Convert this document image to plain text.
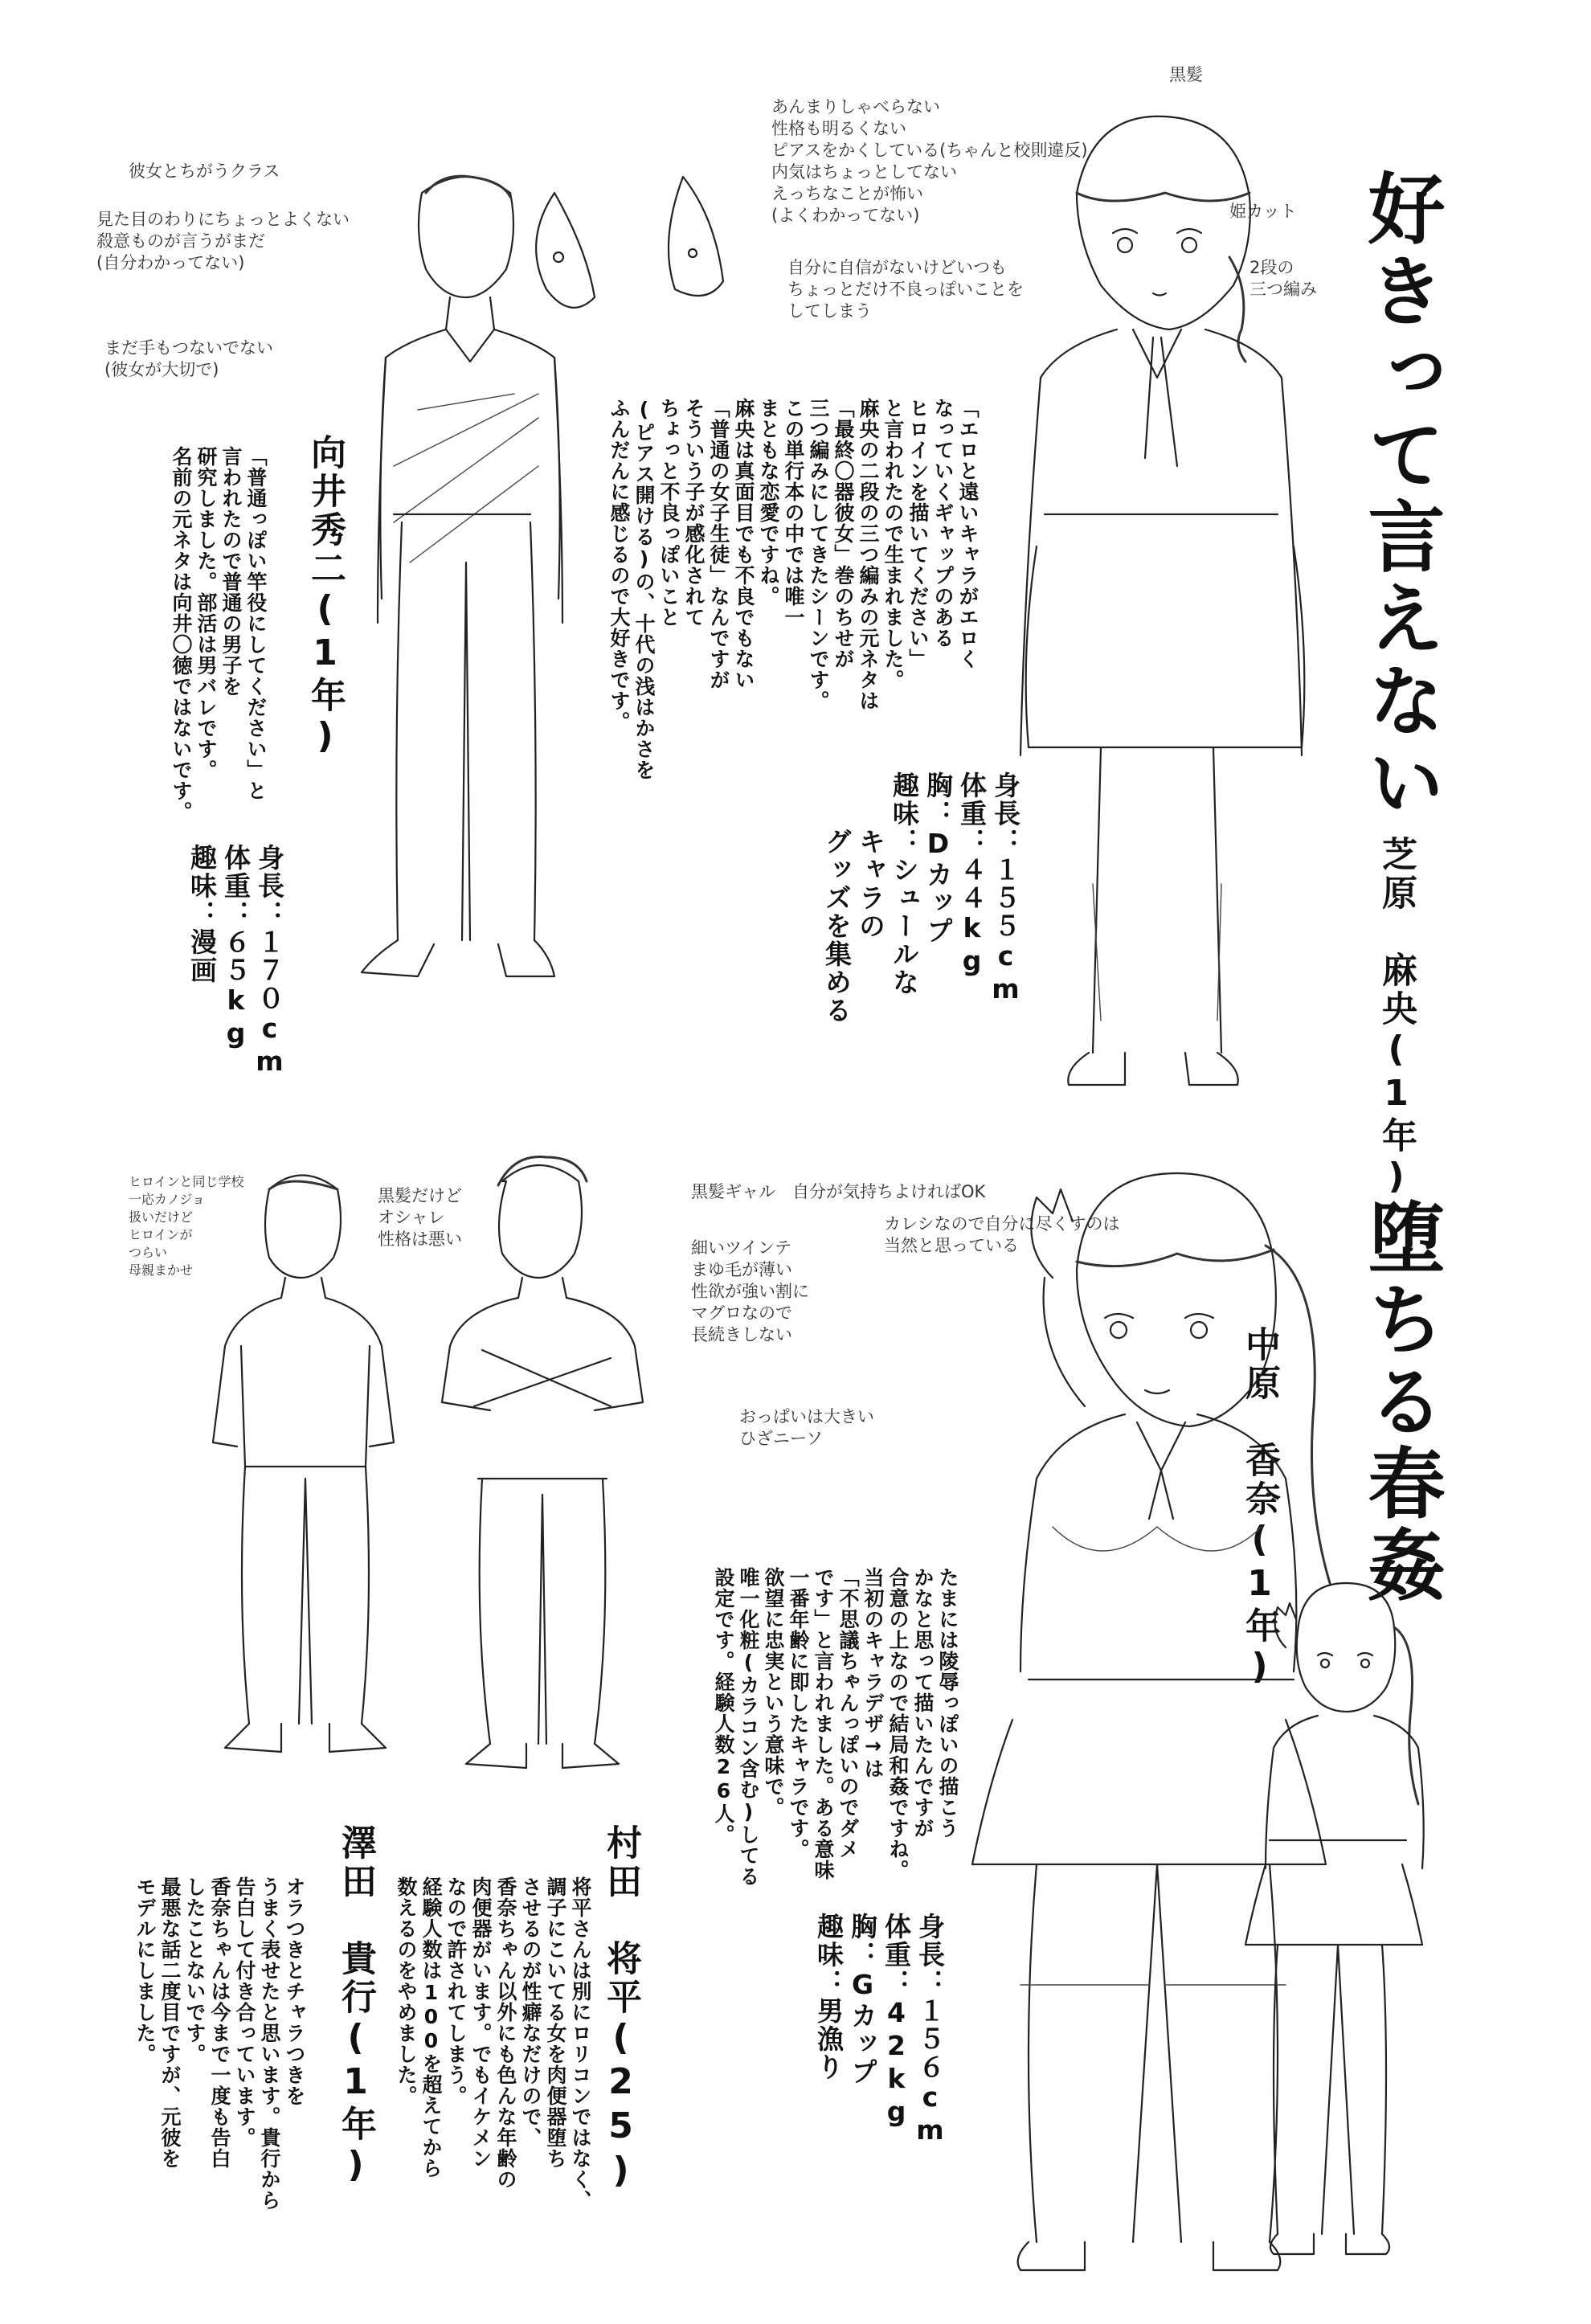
好きって言えない
芝原　麻央(1年)
身長：１５５cm
体重：４４kg
胸：Dカップ
趣味：シュールな
　　キャラの
　　グッズを集める
「エロと遠いキャラがエロく
なっていくギャップのある
ヒロインを描いてください」
と言われたので生まれました。
麻央の二段の三つ編みの元ネタは
「最終〇器彼女」巻のちせが
三つ編みにしてきたシーンです。
この単行本の中では唯一
まともな恋愛ですね。
麻央は真面目でも不良でもない
「普通の女子生徒」なんですが
そういう子が感化されて
ちょっと不良っぽいこと
(ピアス開ける)の、十代の浅はかさを
ふんだんに感じるので大好きです。
向井秀二(1年)
「普通っぽい竿役にしてください」と
言われたので普通の男子を
研究しました。部活は男バレです。
名前の元ネタは向井〇徳ではないです。
身長：１７０cm
体重：６５kg
趣味：漫画
あんまりしゃべらない
性格も明るくない
ピアスをかくしている(ちゃんと校則違反)
内気はちょっとしてない
えっちなことが怖い
(よくわかってない)
自分に自信がないけどいつも
ちょっとだけ不良っぽいことを
してしまう
黒髪
姫カット
2段の
三つ編み
彼女とちがうクラス
見た目のわりにちょっとよくない
殺意ものが言うがまだ
(自分わかってない)
まだ手もつないでない
(彼女が大切で)
堕ちる春姦
中原　香奈(1年)
たまには陵辱っぽいの描こう
かなと思って描いたんですが
合意の上なので結局和姦ですね。
当初のキャラデザ→は
「不思議ちゃんっぽいのでダメ
です」と言われました。ある意味
一番年齢に即したキャラです。
欲望に忠実という意味で。
唯一化粧(カラコン含む)してる
設定です。経験人数26人。
身長：１５６cm
体重：42kg
胸：Gカップ
趣味：男漁り
村田　将平(25)
将平さんは別にロリコンではなく、
調子にこいてる女を肉便器堕ち
させるのが性癖なだけので、
香奈ちゃん以外にも色んな年齢の
肉便器がいます。でもイケメン
なので許されてしまう。
経験人数は100を超えてから
数えるのをやめました。
澤田　貴行(1年)
オラつきとチャラつきを
うまく表せたと思います。貴行から
告白して付き合っています。
香奈ちゃんは今まで一度も告白
したことないです。
最悪な話二度目ですが、元彼を
モデルにしました。
黒髪ギャル　自分が気持ちよければOK
細いツインテ
まゆ毛が薄い
性欲が強い割に
マグロなので
長続きしない
カレシなので自分に尽くすのは
当然と思っている
おっぱいは大きい
ひざニーソ
黒髪だけど
オシャレ
性格は悪い
ヒロインと同じ学校
一応カノジョ
扱いだけど
ヒロインが
つらい
母親まかせ
